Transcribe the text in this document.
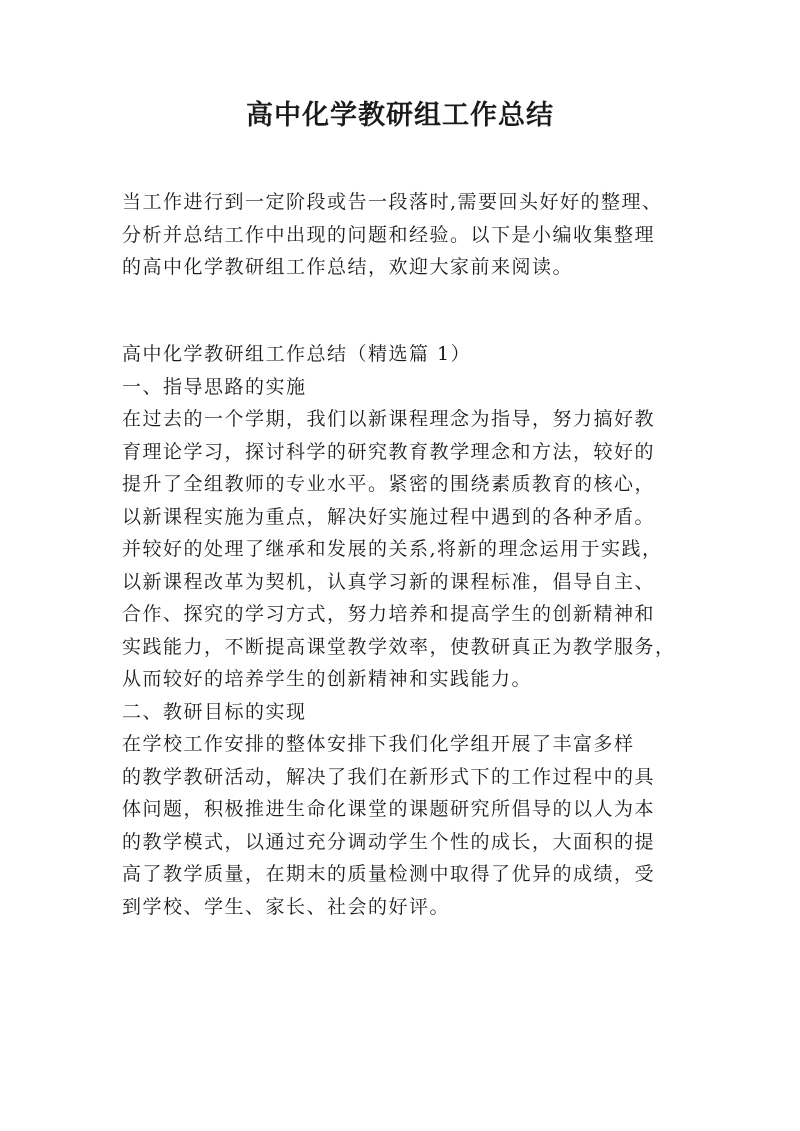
高中化学教研组工作总结
当工作进行到一定阶段或告一段落时,需要回头好好的整理、
分析并总结工作中出现的问题和经验。以下是小编收集整理
的高中化学教研组工作总结，欢迎大家前来阅读。
高中化学教研组工作总结（精选篇 1）
一、指导思路的实施
在过去的一个学期，我们以新课程理念为指导，努力搞好教
育理论学习，探讨科学的研究教育教学理念和方法，较好的
提升了全组教师的专业水平。紧密的围绕素质教育的核心，
以新课程实施为重点，解决好实施过程中遇到的各种矛盾。
并较好的处理了继承和发展的关系,将新的理念运用于实践，
以新课程改革为契机，认真学习新的课程标准，倡导自主、
合作、探究的学习方式，努力培养和提高学生的创新精神和
实践能力，不断提高课堂教学效率，使教研真正为教学服务，
从而较好的培养学生的创新精神和实践能力。
二、教研目标的实现
在学校工作安排的整体安排下我们化学组开展了丰富多样
的教学教研活动，解决了我们在新形式下的工作过程中的具
体问题，积极推进生命化课堂的课题研究所倡导的以人为本
的教学模式，以通过充分调动学生个性的成长，大面积的提
高了教学质量，在期末的质量检测中取得了优异的成绩，受
到学校、学生、家长、社会的好评。
